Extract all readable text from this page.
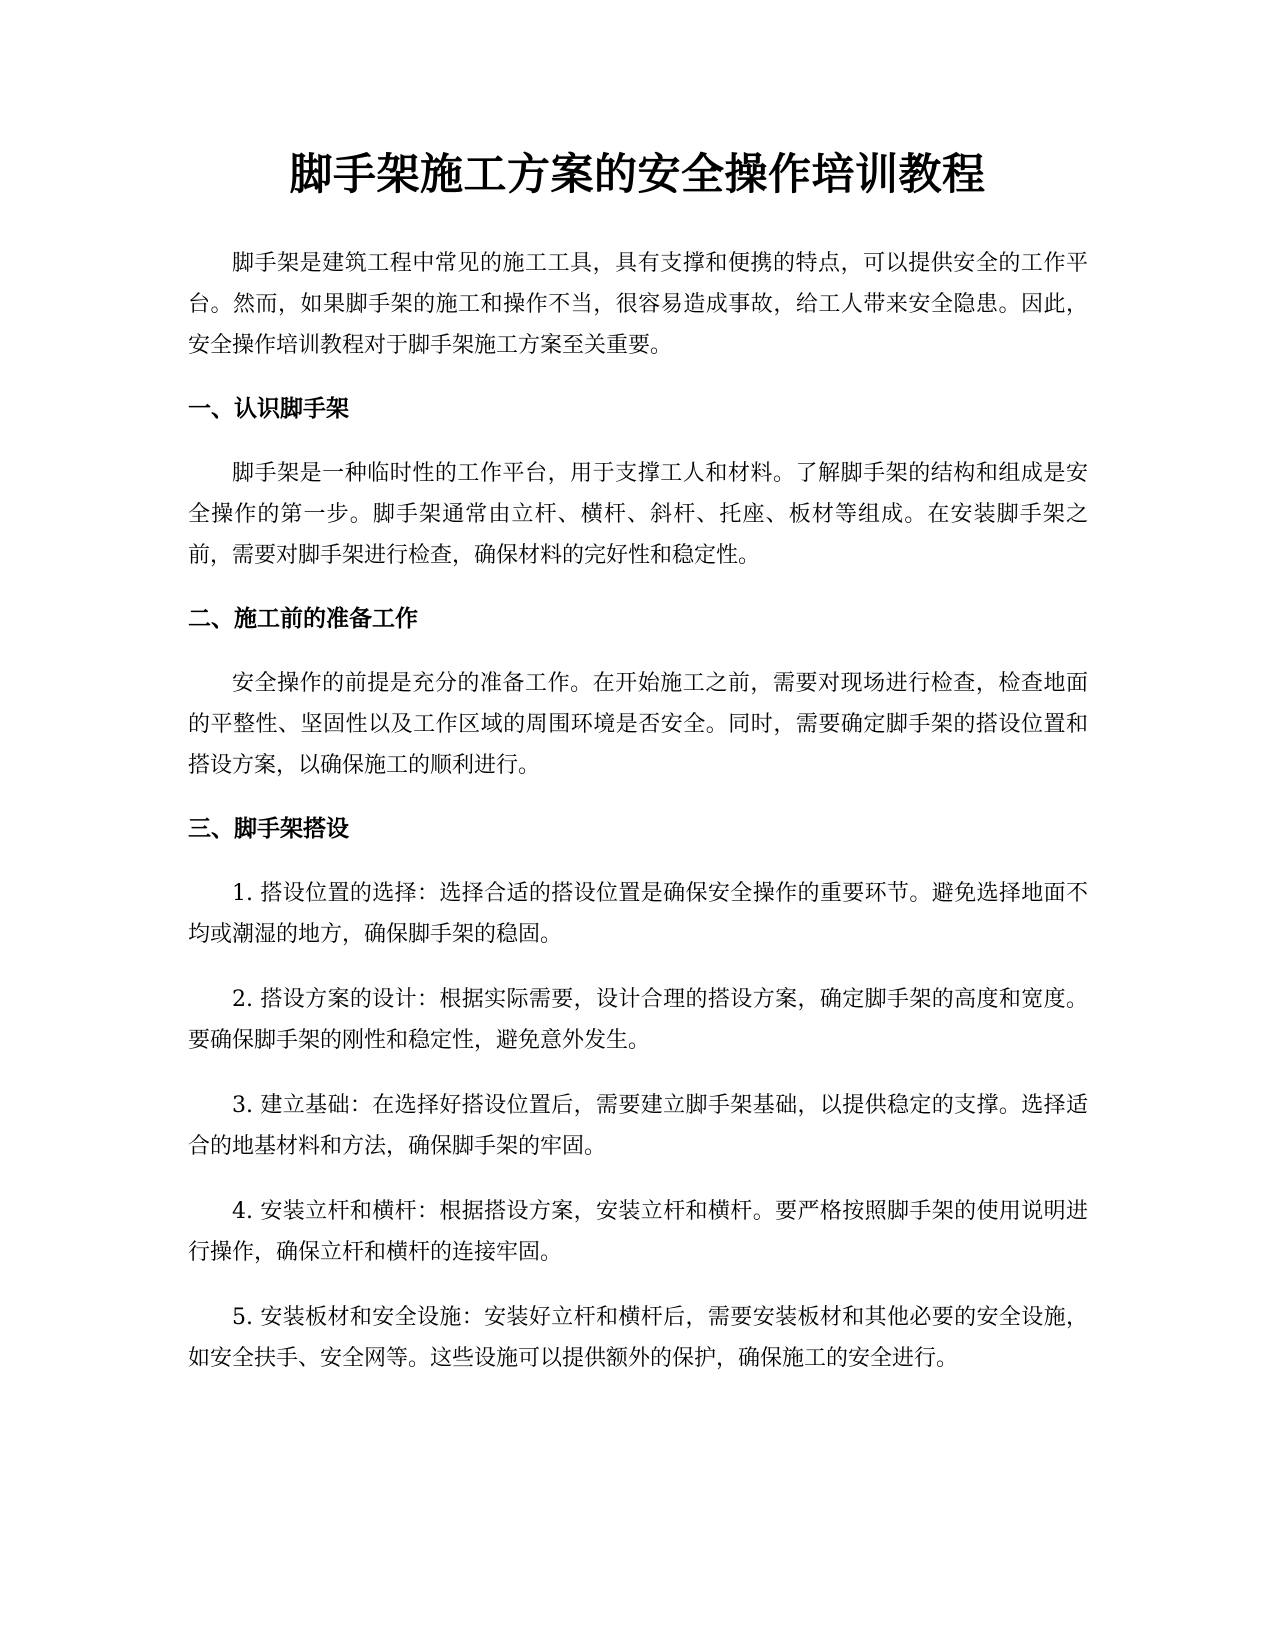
脚手架施工方案的安全操作培训教程

脚手架是建筑工程中常见的施工工具，具有支撑和便携的特点，可以提供安全的工作平台。然而，如果脚手架的施工和操作不当，很容易造成事故，给工人带来安全隐患。因此，安全操作培训教程对于脚手架施工方案至关重要。

一、认识脚手架

脚手架是一种临时性的工作平台，用于支撑工人和材料。了解脚手架的结构和组成是安全操作的第一步。脚手架通常由立杆、横杆、斜杆、托座、板材等组成。在安装脚手架之前，需要对脚手架进行检查，确保材料的完好性和稳定性。

二、施工前的准备工作

安全操作的前提是充分的准备工作。在开始施工之前，需要对现场进行检查，检查地面的平整性、坚固性以及工作区域的周围环境是否安全。同时，需要确定脚手架的搭设位置和搭设方案，以确保施工的顺利进行。

三、脚手架搭设

1. 搭设位置的选择：选择合适的搭设位置是确保安全操作的重要环节。避免选择地面不均或潮湿的地方，确保脚手架的稳固。

2. 搭设方案的设计：根据实际需要，设计合理的搭设方案，确定脚手架的高度和宽度。要确保脚手架的刚性和稳定性，避免意外发生。

3. 建立基础：在选择好搭设位置后，需要建立脚手架基础，以提供稳定的支撑。选择适合的地基材料和方法，确保脚手架的牢固。

4. 安装立杆和横杆：根据搭设方案，安装立杆和横杆。要严格按照脚手架的使用说明进行操作，确保立杆和横杆的连接牢固。

5. 安装板材和安全设施：安装好立杆和横杆后，需要安装板材和其他必要的安全设施，如安全扶手、安全网等。这些设施可以提供额外的保护，确保施工的安全进行。
